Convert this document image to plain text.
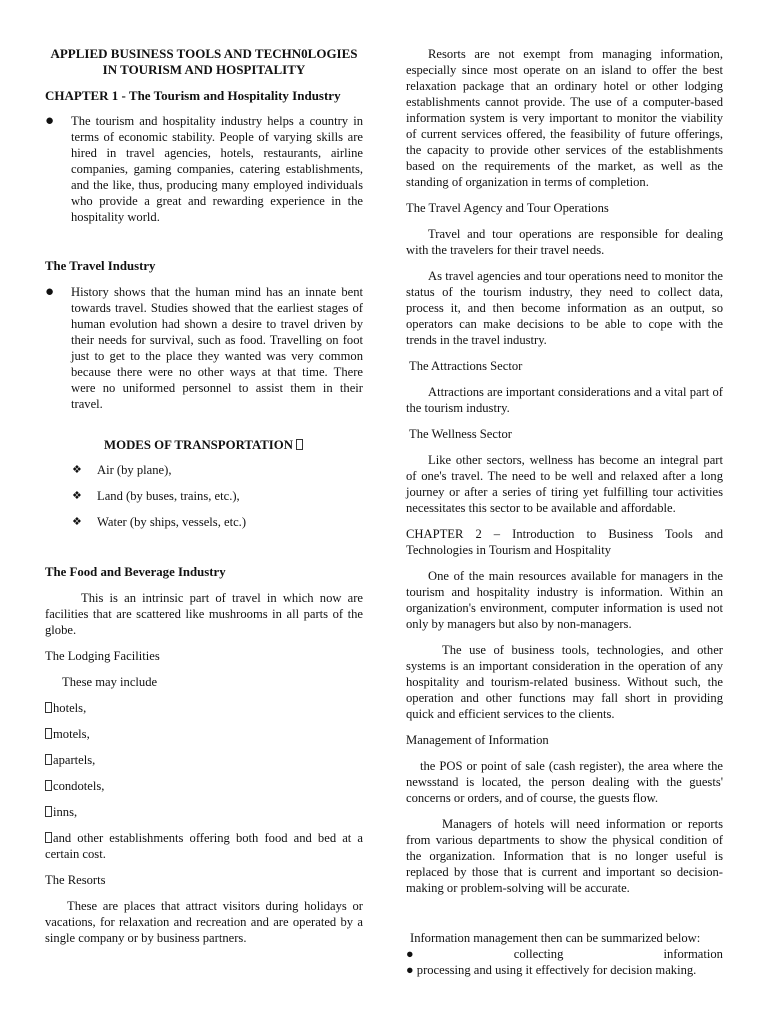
APPLIED BUSINESS TOOLS AND TECHN0LOGIES
IN TOURISM AND HOSPITALITY
CHAPTER 1 - The Tourism and Hospitality Industry
●	The tourism and hospitality industry helps a country in terms of economic stability. People of varying skills are hired in travel agencies, hotels, restaurants, airline companies, gaming companies, catering establishments, and the like, thus, producing many employed individuals who provide a great and rewarding experience in the hospitality world.
The Travel Industry
●	History shows that the human mind has an innate bent towards travel. Studies showed that the earliest stages of human evolution had shown a desire to travel driven by their needs for survival, such as food. Travelling on foot just to get to the place they wanted was very common because there were no other ways at that time. There were no uniformed personnel to assist them in their travel.
MODES OF TRANSPORTATION
❖	Air (by plane),
❖	Land (by buses, trains, etc.),
❖	Water (by ships, vessels, etc.)
The Food and Beverage Industry

This is an intrinsic part of travel in which now are facilities that are scattered like mushrooms in all parts of the globe.

The Lodging Facilities
These may include
hotels,
motels,
apartels,
condotels,
inns,

and other establishments offering both food and bed at a certain cost.

The Resorts

These are places that attract visitors during holidays or vacations, for relaxation and recreation and are operated by a single company or by business partners.

Resorts are not exempt from managing information, especially since most operate on an island to offer the best relaxation package that an ordinary hotel or other lodging establishments cannot provide. The use of a computer-based information system is very important to monitor the viability of current services offered, the feasibility of future offerings, the capacity to provide other services of the establishments based on the requirements of the market, as well as the standing of organization in terms of completion.

The Travel Agency and Tour Operations

Travel and tour operations are responsible for dealing with the travelers for their travel needs.

As travel agencies and tour operations need to monitor the status of the tourism industry, they need to collect data, process it, and then become information as an output, so operators can make decisions to be able to cope with the trends in the travel industry.

The Attractions Sector

Attractions are important considerations and a vital part of the tourism industry.

The Wellness Sector

Like other sectors, wellness has become an integral part of one's travel. The need to be well and relaxed after a long journey or after a series of tiring yet fulfilling tour activities necessitates this sector to be available and affordable.

CHAPTER 2 – Introduction to Business Tools and Technologies in Tourism and Hospitality

One of the main resources available for managers in the tourism and hospitality industry is information. Within an organization's environment, computer information is used not only by managers but also by non-managers.

The use of business tools, technologies, and other systems is an important consideration in the operation of any hospitality and tourism-related business. Without such, the operation and other functions may fall short in providing quick and efficient services to the clients.

Management of Information

the POS or point of sale (cash register), the area where the newsstand is located, the person dealing with the guests' concerns or orders, and of course, the guests flow.

Managers of hotels will need information or reports from various departments to show the physical condition of the organization. Information that is no longer useful is replaced by those that is current and important so decision-making or problem-solving will be accurate.

Information management then can be summarized below:
●	collecting	information
● processing and using it effectively for decision making.
